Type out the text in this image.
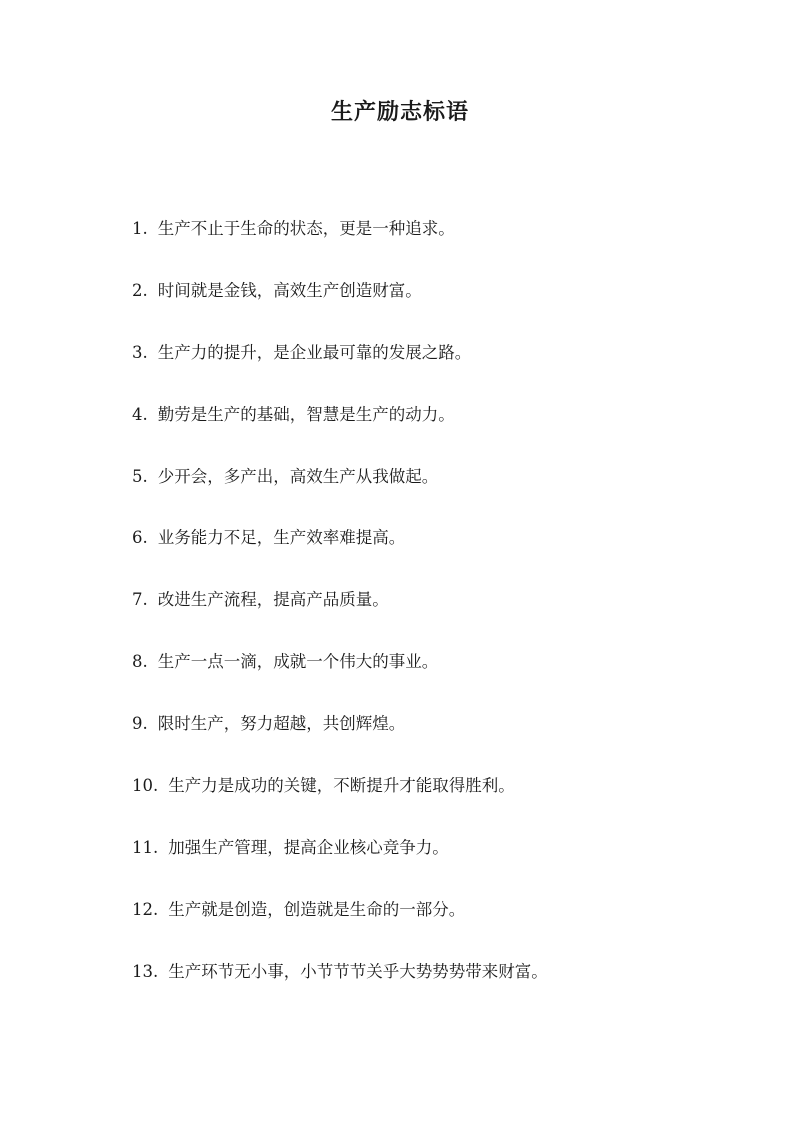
生产励志标语
1. 生产不止于生命的状态，更是一种追求。
2. 时间就是金钱，高效生产创造财富。
3. 生产力的提升，是企业最可靠的发展之路。
4. 勤劳是生产的基础，智慧是生产的动力。
5. 少开会，多产出，高效生产从我做起。
6. 业务能力不足，生产效率难提高。
7. 改进生产流程，提高产品质量。
8. 生产一点一滴，成就一个伟大的事业。
9. 限时生产，努力超越，共创辉煌。
10. 生产力是成功的关键，不断提升才能取得胜利。
11. 加强生产管理，提高企业核心竞争力。
12. 生产就是创造，创造就是生命的一部分。
13. 生产环节无小事，小节节节关乎大势势势带来财富。
